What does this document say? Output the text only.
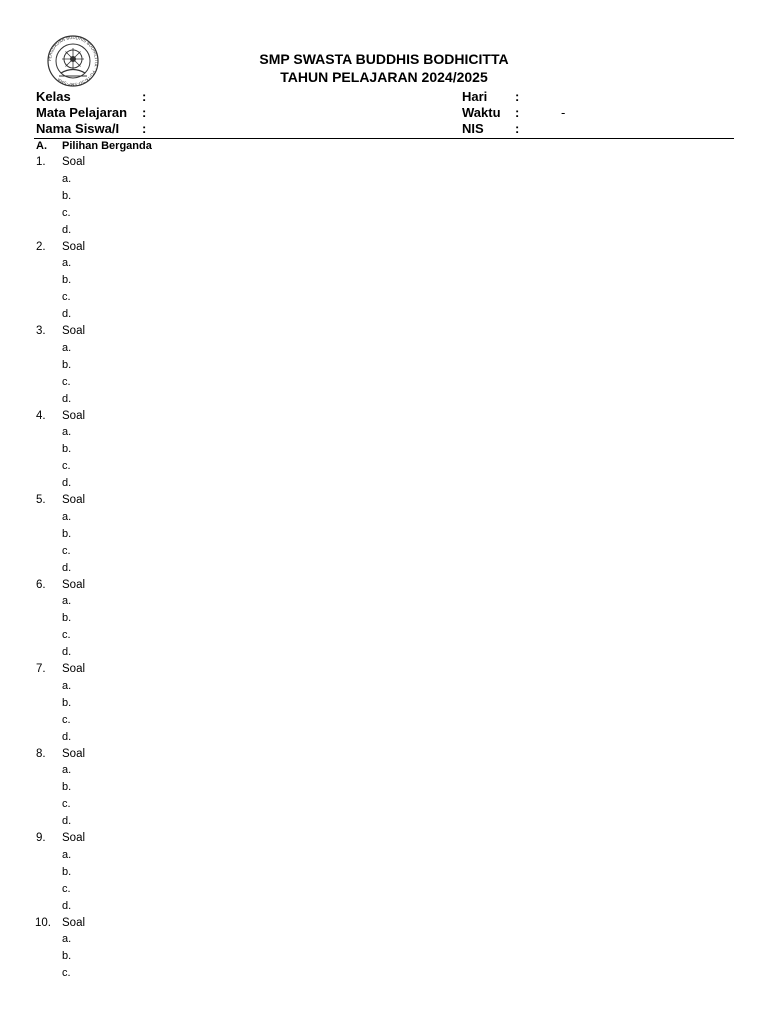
PERGURUAN BUDDHIS BODHICITTA · PG-TK-SD-SMP-SMA
SMP SWASTA BUDDHIS BODHICITTA
TAHUN PELAJARAN 2024/2025
Kelas	:
Mata Pelajaran :
Nama Siswa/I :
Hari :
Waktu :	-
NIS :
A. Pilihan Berganda
1. Soal
a.
b.
c.
d.
2. Soal
a.
b.
c.
d.
3. Soal
a.
b.
c.
d.
4. Soal
a.
b.
c.
d.
5. Soal
a.
b.
c.
d.
6. Soal
a.
b.
c.
d.
7. Soal
a.
b.
c.
d.
8. Soal
a.
b.
c.
d.
9. Soal
a.
b.
c.
d.
10. Soal
a.
b.
c.
